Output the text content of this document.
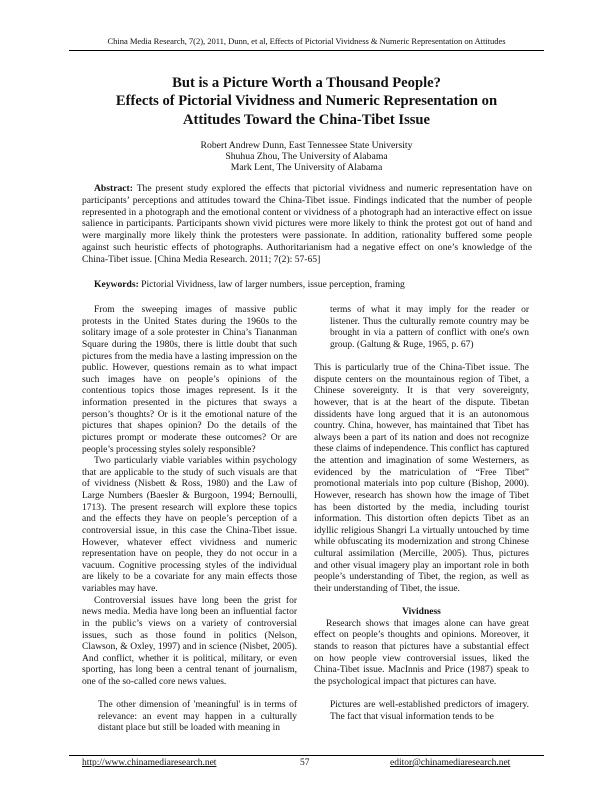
China Media Research, 7(2), 2011, Dunn, et al, Effects of Pictorial Vividness & Numeric Representation on Attitudes
But is a Picture Worth a Thousand People?
Effects of Pictorial Vividness and Numeric Representation on
Attitudes Toward the China-Tibet Issue
Robert Andrew Dunn, East Tennessee State University
Shuhua Zhou, The University of Alabama
Mark Lent, The University of Alabama
Abstract: The present study explored the effects that pictorial vividness and numeric representation have on participants’ perceptions and attitudes toward the China-Tibet issue. Findings indicated that the number of people represented in a photograph and the emotional content or vividness of a photograph had an interactive effect on issue salience in participants. Participants shown vivid pictures were more likely to think the protest got out of hand and were marginally more likely think the protesters were passionate. In addition, rationality buffered some people against such heuristic effects of photographs. Authoritarianism had a negative effect on one’s knowledge of the China-Tibet issue. [China Media Research. 2011; 7(2): 57-65]
Keywords: Pictorial Vividness, law of larger numbers, issue perception, framing

From the sweeping images of massive public protests in the United States during the 1960s to the solitary image of a sole protester in China’s Tiananman Square during the 1980s, there is little doubt that such pictures from the media have a lasting impression on the public. However, questions remain as to what impact such images have on people’s opinions of the contentious topics those images represent. Is it the information presented in the pictures that sways a person’s thoughts? Or is it the emotional nature of the pictures that shapes opinion? Do the details of the pictures prompt or moderate these outcomes? Or are people’s processing styles solely responsible?

Two particularly viable variables within psychology that are applicable to the study of such visuals are that of vividness (Nisbett & Ross, 1980) and the Law of Large Numbers (Baesler & Burgoon, 1994; Bernoulli, 1713). The present research will explore these topics and the effects they have on people’s perception of a controversial issue, in this case the China-Tibet issue. However, whatever effect vividness and numeric representation have on people, they do not occur in a vacuum. Cognitive processing styles of the individual are likely to be a covariate for any main effects those variables may have.

Controversial issues have long been the grist for news media. Media have long been an influential factor in the public’s views on a variety of controversial issues, such as those found in politics (Nelson, Clawson, & Oxley, 1997) and in science (Nisbet, 2005). And conflict, whether it is political, military, or even sporting, has long been a central tenant of journalism, one of the so-called core news values.

The other dimension of 'meaningful' is in terms of relevance: an event may happen in a culturally distant place but still be loaded with meaning in

terms of what it may imply for the reader or listener. Thus the culturally remote country may be brought in via a pattern of conflict with one's own group. (Galtung & Ruge, 1965, p. 67)

This is particularly true of the China-Tibet issue. The dispute centers on the mountainous region of Tibet, a Chinese sovereignty. It is that very sovereignty, however, that is at the heart of the dispute. Tibetan dissidents have long argued that it is an autonomous country. China, however, has maintained that Tibet has always been a part of its nation and does not recognize these claims of independence. This conflict has captured the attention and imagination of some Westerners, as evidenced by the matriculation of “Free Tibet” promotional materials into pop culture (Bishop, 2000). However, research has shown how the image of Tibet has been distorted by the media, including tourist information. This distortion often depicts Tibet as an idyllic religious Shangri La virtually untouched by time while obfuscating its modernization and strong Chinese cultural assimilation (Mercille, 2005). Thus, pictures and other visual imagery play an important role in both people’s understanding of Tibet, the region, as well as their understanding of Tibet, the issue.

Vividness

Research shows that images alone can have great effect on people’s thoughts and opinions. Moreover, it stands to reason that pictures have a substantial effect on how people view controversial issues, liked the China-Tibet issue. MacInnis and Price (1987) speak to the psychological impact that pictures can have.

Pictures are well-established predictors of imagery. The fact that visual information tends to be

http://www.chinamediaresearch.net	57	editor@chinamediaresearch.net
